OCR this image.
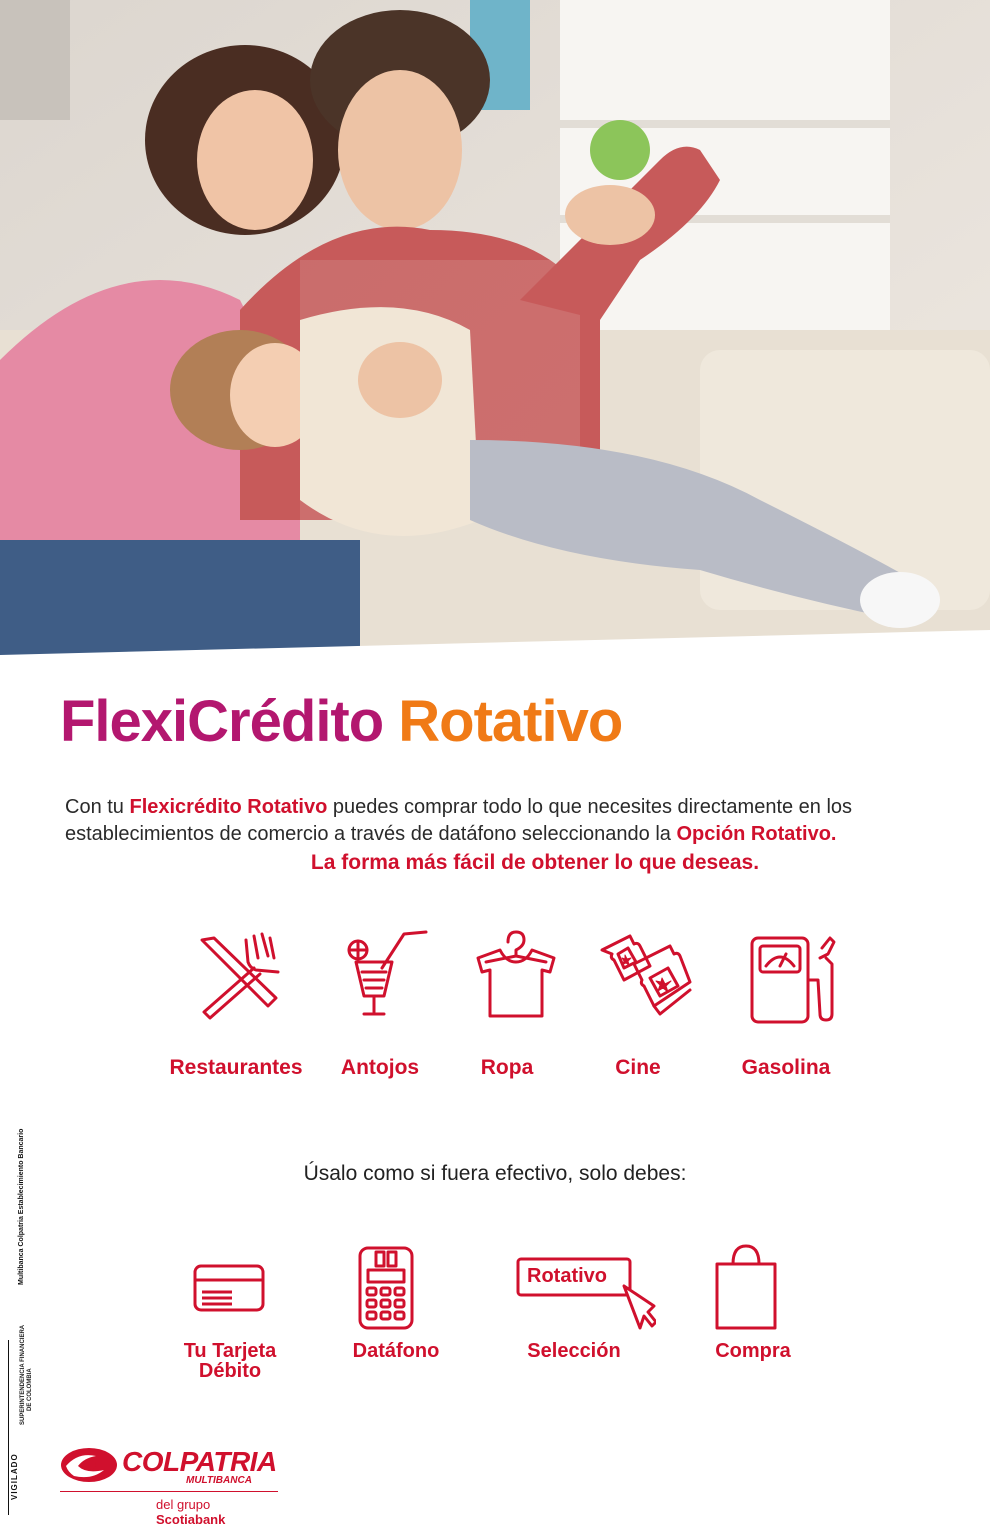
FlexiCrédito Rotativo
Con tu Flexicrédito Rotativo puedes comprar todo lo que necesites directamente en los establecimientos de comercio a través de datáfono seleccionando la Opción Rotativo.
La forma más fácil de obtener lo que deseas.
Restaurantes	Antojos	Ropa	Cine	Gasolina
Úsalo como si fuera efectivo, solo debes:
Rotativo
Tu Tarjeta
Débito
Datáfono	Selección	Compra
Multibanca Colpatria Establecimiento Bancario
VIGILADO
SUPERINTENDENCIA FINANCIERA DE COLOMBIA
COLPATRIA
MULTIBANCA
del grupo Scotiabank
